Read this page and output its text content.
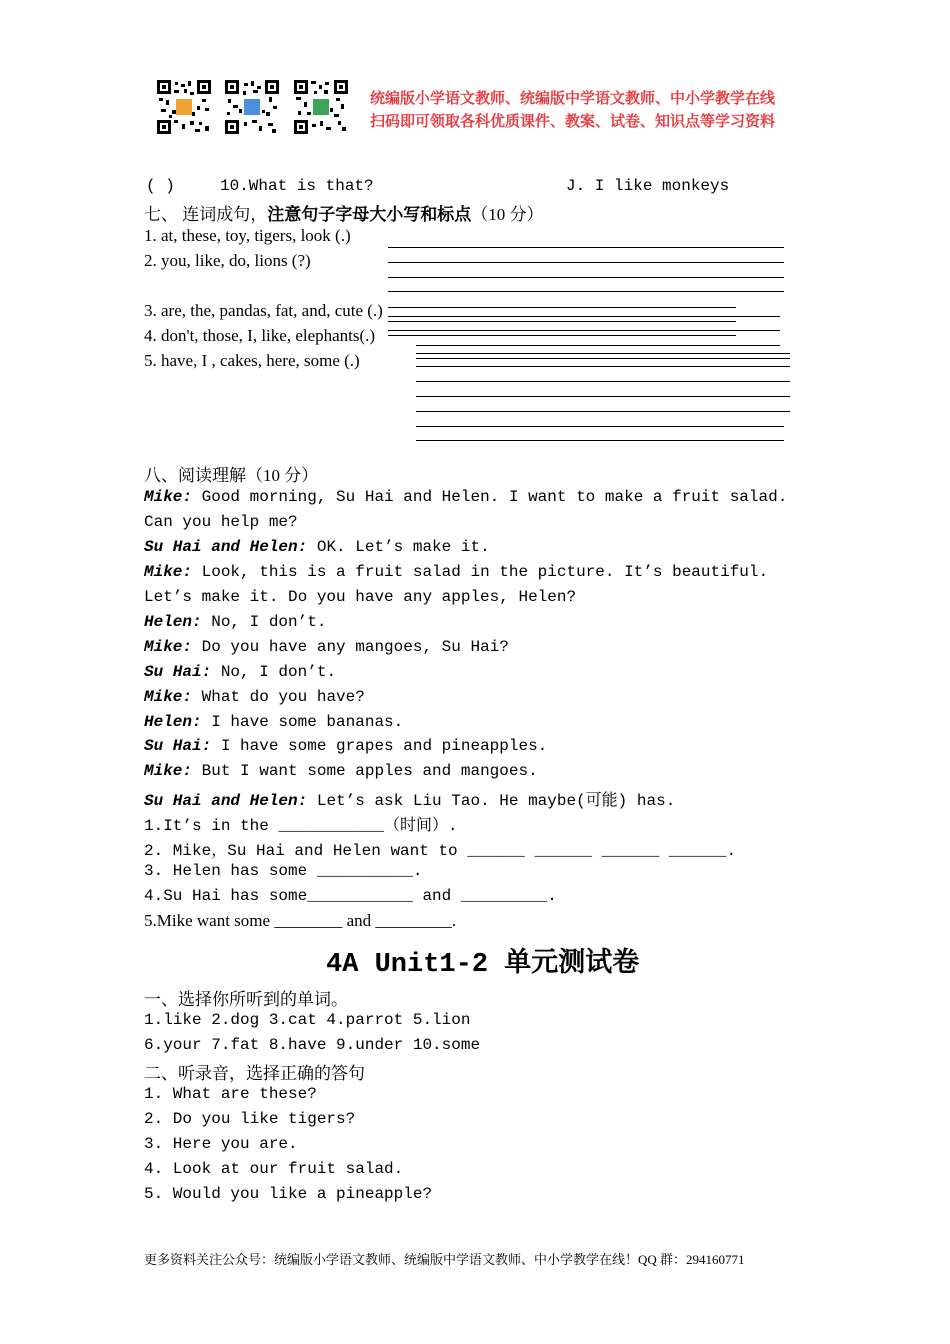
统编版小学语文教师、统编版中学语文教师、中小学教学在线
扫码即可领取各科优质课件、教案、试卷、知识点等学习资料
( )	10.What is that?	J. I like monkeys
七、 连词成句，注意句子字母大小写和标点（10 分）
1. at, these, toy, tigers, look (.)
2. you, like, do, lions (?)
3. are, the, pandas, fat, and, cute (.)
4. don't, those, I, like, elephants(.)
5. have, I , cakes, here, some (.)
八、阅读理解（10 分）
Mike: Good morning, Su Hai and Helen. I want to make a fruit salad.
Can you help me?
Su Hai and Helen: OK. Let’s make it.
Mike: Look, this is a fruit salad in the picture. It’s beautiful.
Let’s make it. Do you have any apples, Helen?
Helen: No, I don’t.
Mike: Do you have any mangoes, Su Hai?
Su Hai: No, I don’t.
Mike: What do you have?
Helen: I have some bananas.
Su Hai: I have some grapes and pineapples.
Mike: But I want some apples and mangoes.
Su Hai and Helen: Let’s ask Liu Tao. He maybe(可能) has.
1.It’s in the ___________（时间）.
2. Mike，Su Hai and Helen want to ______ ______ ______ ______.
3. Helen has some __________.
4.Su Hai has some___________ and _________.
5.Mike want some ________ and _________.
4A Unit1-2 单元测试卷
一、选择你所听到的单词。
1.like 2.dog 3.cat 4.parrot 5.lion
6.your 7.fat 8.have 9.under 10.some
二、听录音，选择正确的答句
1. What are these?
2. Do you like tigers?
3. Here you are.
4. Look at our fruit salad.
5. Would you like a pineapple?
更多资料关注公众号：统编版小学语文教师、统编版中学语文教师、中小学教学在线！QQ 群：294160771
